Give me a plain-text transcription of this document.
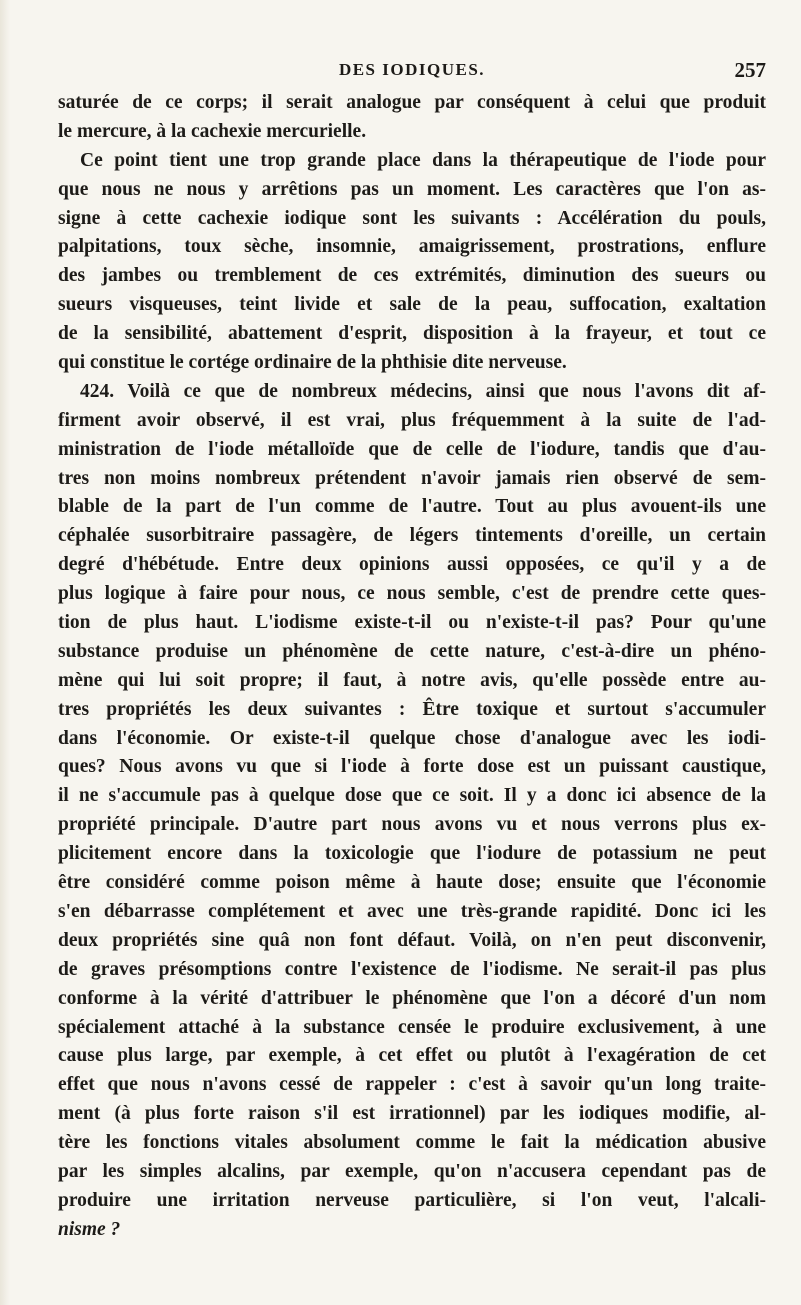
DES IODIQUES.	257
saturée de ce corps; il serait analogue par conséquent à celui que produit
le mercure, à la cachexie mercurielle.
Ce point tient une trop grande place dans la thérapeutique de l'iode pour
que nous ne nous y arrêtions pas un moment. Les caractères que l'on as-
signe à cette cachexie iodique sont les suivants : Accélération du pouls,
palpitations, toux sèche, insomnie, amaigrissement, prostrations, enflure
des jambes ou tremblement de ces extrémités, diminution des sueurs ou
sueurs visqueuses, teint livide et sale de la peau, suffocation, exaltation
de la sensibilité, abattement d'esprit, disposition à la frayeur, et tout ce
qui constitue le cortége ordinaire de la phthisie dite nerveuse.
424. Voilà ce que de nombreux médecins, ainsi que nous l'avons dit af-
firment avoir observé, il est vrai, plus fréquemment à la suite de l'ad-
ministration de l'iode métalloïde que de celle de l'iodure, tandis que d'au-
tres non moins nombreux prétendent n'avoir jamais rien observé de sem-
blable de la part de l'un comme de l'autre. Tout au plus avouent-ils une
céphalée susorbitraire passagère, de légers tintements d'oreille, un certain
degré d'hébétude. Entre deux opinions aussi opposées, ce qu'il y a de
plus logique à faire pour nous, ce nous semble, c'est de prendre cette ques-
tion de plus haut. L'iodisme existe-t-il ou n'existe-t-il pas? Pour qu'une
substance produise un phénomène de cette nature, c'est-à-dire un phéno-
mène qui lui soit propre; il faut, à notre avis, qu'elle possède entre au-
tres propriétés les deux suivantes : Être toxique et surtout s'accumuler
dans l'économie. Or existe-t-il quelque chose d'analogue avec les iodi-
ques? Nous avons vu que si l'iode à forte dose est un puissant caustique,
il ne s'accumule pas à quelque dose que ce soit. Il y a donc ici absence de la
propriété principale. D'autre part nous avons vu et nous verrons plus ex-
plicitement encore dans la toxicologie que l'iodure de potassium ne peut
être considéré comme poison même à haute dose; ensuite que l'économie
s'en débarrasse complétement et avec une très-grande rapidité. Donc ici les
deux propriétés sine quâ non font défaut. Voilà, on n'en peut disconvenir,
de graves présomptions contre l'existence de l'iodisme. Ne serait-il pas plus
conforme à la vérité d'attribuer le phénomène que l'on a décoré d'un nom
spécialement attaché à la substance censée le produire exclusivement, à une
cause plus large, par exemple, à cet effet ou plutôt à l'exagération de cet
effet que nous n'avons cessé de rappeler : c'est à savoir qu'un long traite-
ment (à plus forte raison s'il est irrationnel) par les iodiques modifie, al-
tère les fonctions vitales absolument comme le fait la médication abusive
par les simples alcalins, par exemple, qu'on n'accusera cependant pas de
produire une irritation nerveuse particulière, si l'on veut, l'alcali-
nisme ?
